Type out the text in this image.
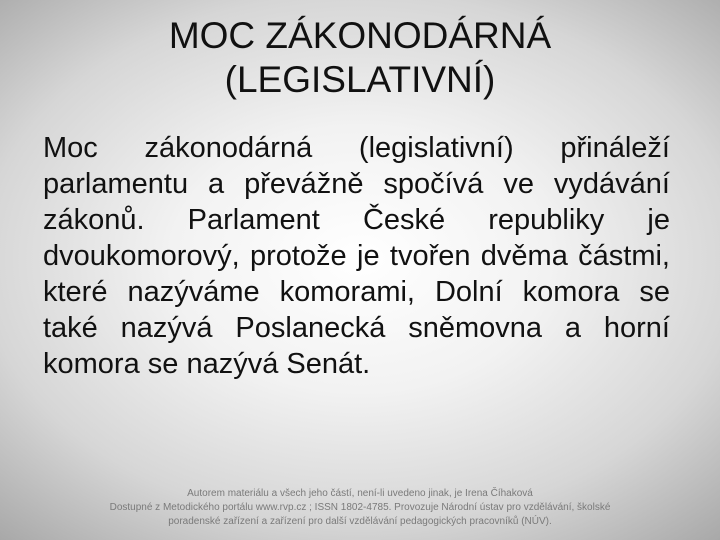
MOC ZÁKONODÁRNÁ
(LEGISLATIVNÍ)

Moc zákonodárná (legislativní) přináleží parlamentu a převážně spočívá ve vydávání zákonů. Parlament České republiky je dvoukomorový, protože je tvořen dvěma částmi, které nazýváme komorami, Dolní komora se také nazývá Poslanecká sněmovna a horní komora se nazývá Senát.

Autorem materiálu a všech jeho částí, není-li uvedeno jinak, je Irena Číhaková
Dostupné z Metodického portálu www.rvp.cz ; ISSN 1802-4785. Provozuje Národní ústav pro vzdělávání, školské
poradenské zařízení a zařízení pro další vzdělávání pedagogických pracovníků (NÚV).
